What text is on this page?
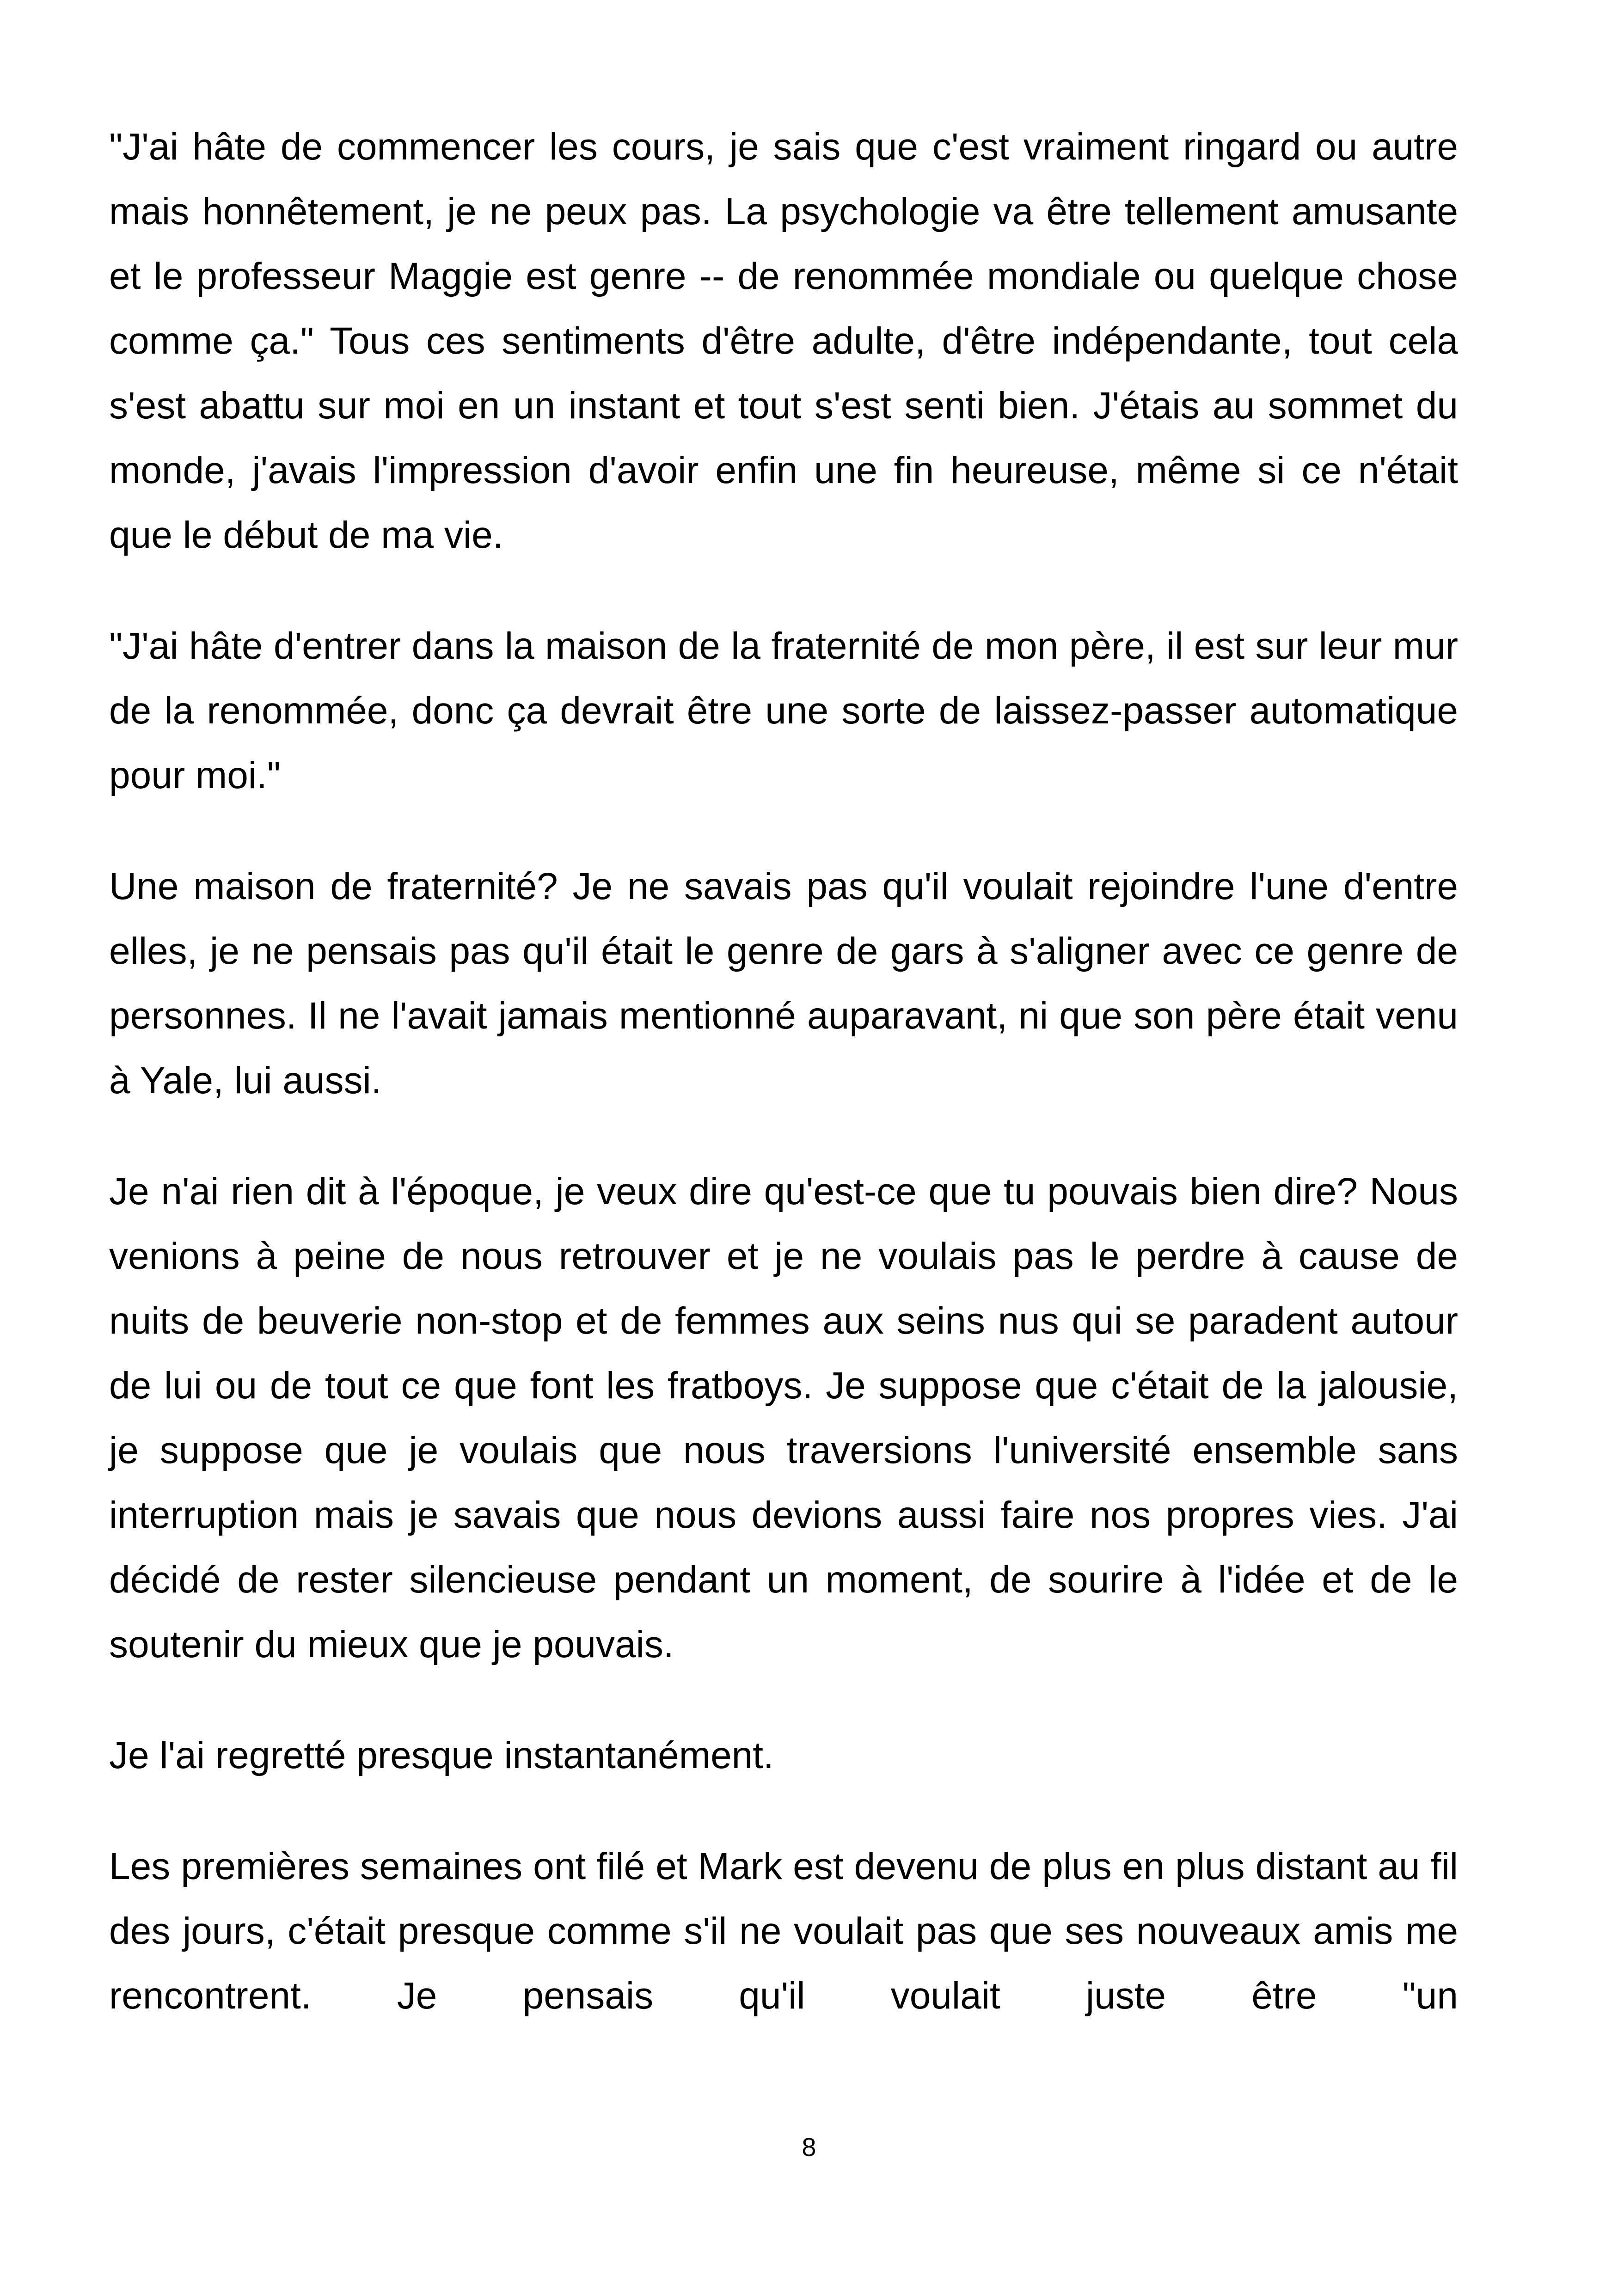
"J'ai hâte de commencer les cours, je sais que c'est vraiment ringard ou autre mais honnêtement, je ne peux pas. La psychologie va être tellement amusante et le professeur Maggie est genre -- de renommée mondiale ou quelque chose comme ça." Tous ces sentiments d'être adulte, d'être indépendante, tout cela s'est abattu sur moi en un instant et tout s'est senti bien. J'étais au sommet du monde, j'avais l'impression d'avoir enfin une fin heureuse, même si ce n'était que le début de ma vie.

"J'ai hâte d'entrer dans la maison de la fraternité de mon père, il est sur leur mur de la renommée, donc ça devrait être une sorte de laissez-passer automatique pour moi."

Une maison de fraternité? Je ne savais pas qu'il voulait rejoindre l'une d'entre elles, je ne pensais pas qu'il était le genre de gars à s'aligner avec ce genre de personnes. Il ne l'avait jamais mentionné auparavant, ni que son père était venu à Yale, lui aussi.

Je n'ai rien dit à l'époque, je veux dire qu'est-ce que tu pouvais bien dire? Nous venions à peine de nous retrouver et je ne voulais pas le perdre à cause de nuits de beuverie non-stop et de femmes aux seins nus qui se paradent autour de lui ou de tout ce que font les fratboys. Je suppose que c'était de la jalousie, je suppose que je voulais que nous traversions l'université ensemble sans interruption mais je savais que nous devions aussi faire nos propres vies. J'ai décidé de rester silencieuse pendant un moment, de sourire à l'idée et de le soutenir du mieux que je pouvais.

Je l'ai regretté presque instantanément.

Les premières semaines ont filé et Mark est devenu de plus en plus distant au fil des jours, c'était presque comme s'il ne voulait pas que ses nouveaux amis me rencontrent. Je pensais qu'il voulait juste être "un

8
